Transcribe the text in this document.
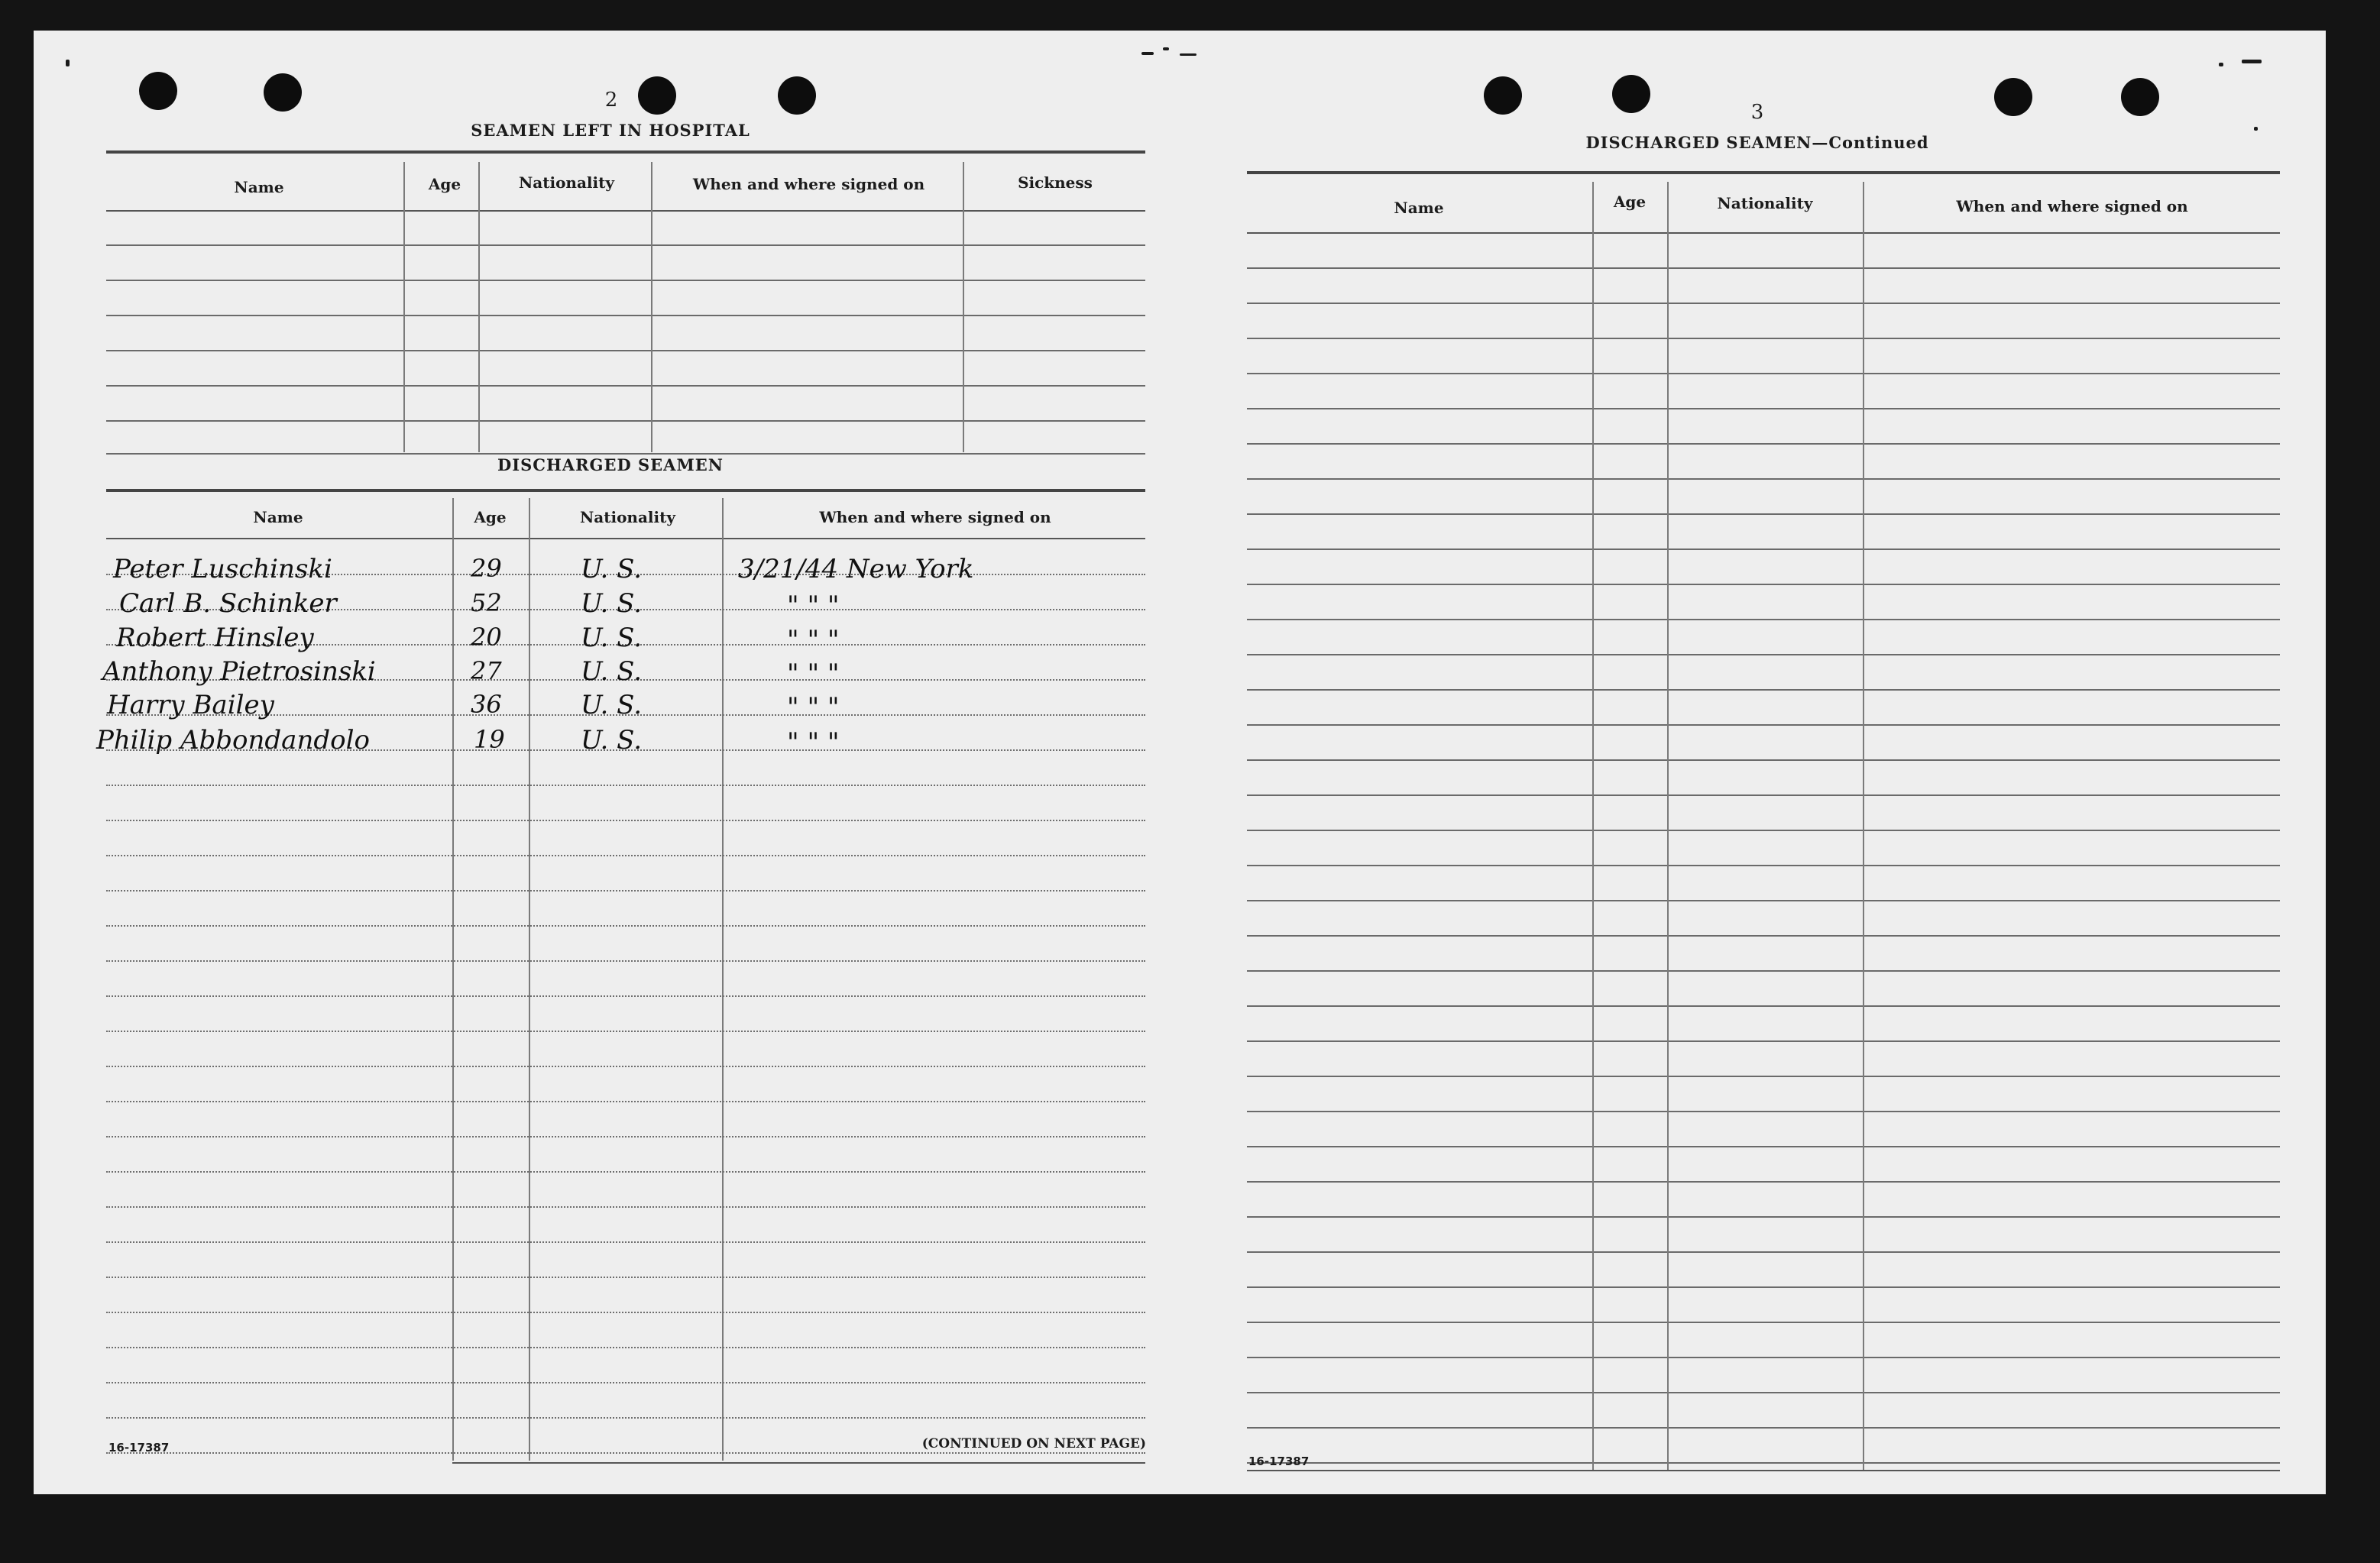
2
SEAMEN LEFT IN HOSPITAL
Name	Age	Nationality	When and where signed on	Sickness
DISCHARGED SEAMEN
Name	Age	Nationality	When and where signed on
Peter Luschinski	29	U. S.	3/21/44 New York
Carl B. Schinker	52	U. S.	" " "
Robert Hinsley	20	U. S.	" " "
Anthony Pietrosinski	27	U. S.	" " "
Harry Bailey	36	U. S.	" " "
Philip Abbondandolo	19	U. S.	" " "
16-17387	(CONTINUED ON NEXT PAGE)
3
DISCHARGED SEAMEN—Continued
Name	Age	Nationality	When and where signed on
16-17387
